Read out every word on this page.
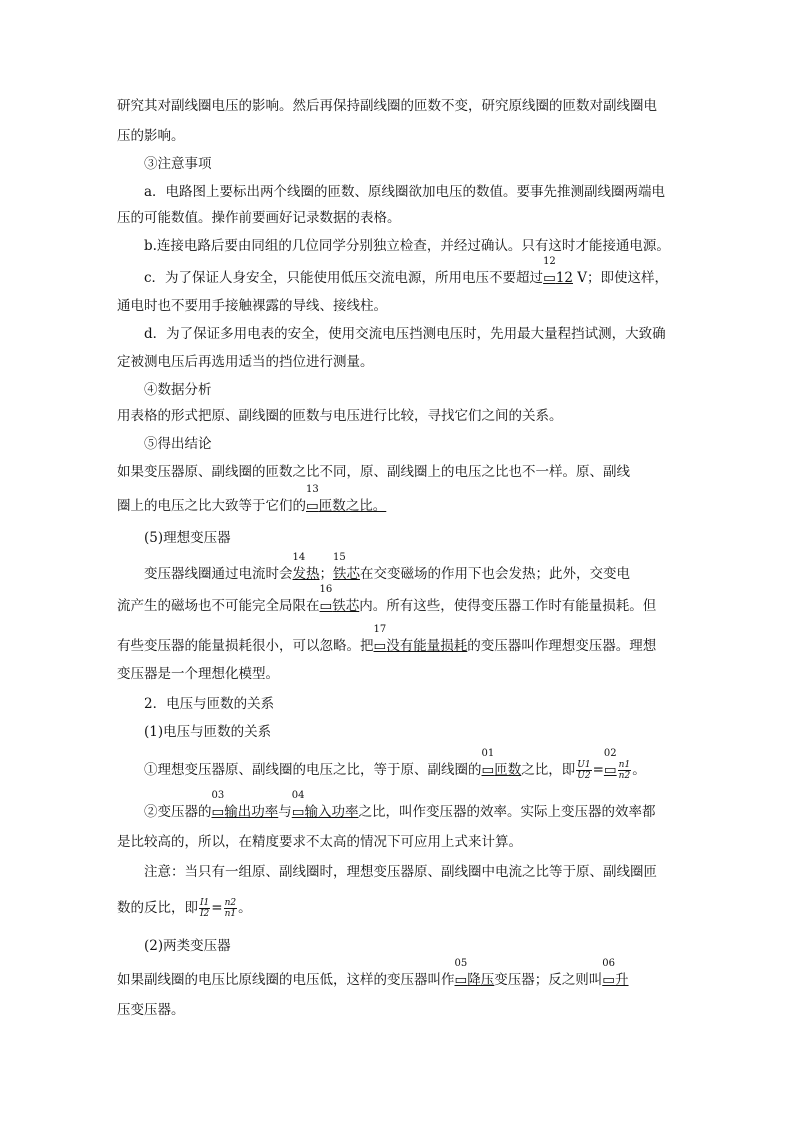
研究其对副线圈电压的影响。然后再保持副线圈的匝数不变，研究原线圈的匝数对副线圈电
压的影响。
③注意事项
a．电路图上要标出两个线圈的匝数、原线圈欲加电压的数值。要事先推测副线圈两端电
压的可能数值。操作前要画好记录数据的表格。
b.连接电路后要由同组的几位同学分别独立检查，并经过确认。只有这时才能接通电源。
c．为了保证人身安全，只能使用低压交流电源，所用电压不要超过
12
▭12 V；即使这样，
通电时也不要用手接触裸露的导线、接线柱。
d．为了保证多用电表的安全，使用交流电压挡测电压时，先用最大量程挡试测，大致确
定被测电压后再选用适当的挡位进行测量。
④数据分析
用表格的形式把原、副线圈的匝数与电压进行比较，寻找它们之间的关系。
⑤得出结论
如果变压器原、副线圈的匝数之比不同，原、副线圈上的电压之比也不一样。原、副线
圈上的电压之比大致等于它们的
13
▭匝数之比。
(5)理想变压器
变压器线圈通过电流时会
14
发热；
15
铁芯在交变磁场的作用下也会发热；此外，交变电
流产生的磁场也不可能完全局限在
16
▭铁芯内。所有这些，使得变压器工作时有能量损耗。但
有些变压器的能量损耗很小，可以忽略。把
17
▭没有能量损耗的变压器叫作理想变压器。理想
变压器是一个理想化模型。
2．电压与匝数的关系
(1)电压与匝数的关系
①理想变压器原、副线圈的电压之比，等于原、副线圈的
01
▭匝数之比，即 $\frac{U1}{U2}$ =
02
▭ $\frac{n1}{n2}$ 。
②变压器的
03
▭输出功率与
04
▭输入功率之比，叫作变压器的效率。实际上变压器的效率都
是比较高的，所以，在精度要求不太高的情况下可应用上式来计算。
注意：当只有一组原、副线圈时，理想变压器原、副线圈中电流之比等于原、副线圈匝
数的反比，即 $\frac{I1}{I2} = \frac{n2}{n1}$ 。
(2)两类变压器
如果副线圈的电压比原线圈的电压低，这样的变压器叫作
05
▭降压变压器；反之则叫
06
▭升
压变压器。
